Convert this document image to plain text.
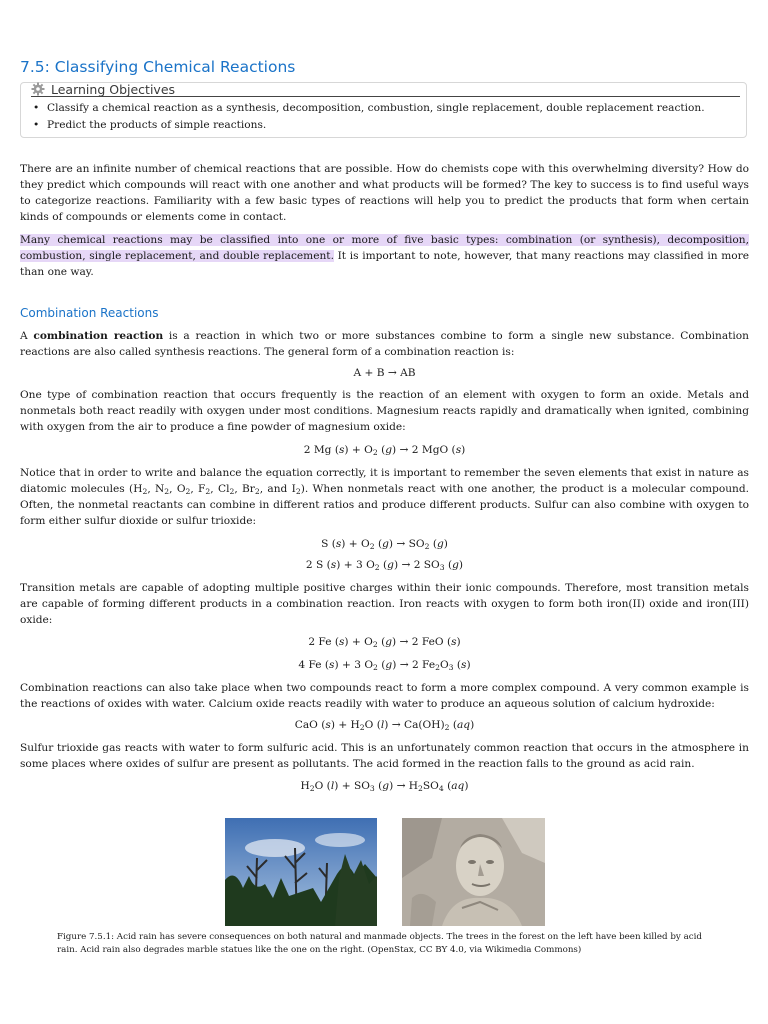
7.5: Classifying Chemical Reactions
Learning Objectives
• Classify a chemical reaction as a synthesis, decomposition, combustion, single replacement, double replacement reaction.
• Predict the products of simple reactions.

There are an infinite number of chemical reactions that are possible. How do chemists cope with this overwhelming diversity? How do they predict which compounds will react with one another and what products will be formed? The key to success is to find useful ways to categorize reactions. Familiarity with a few basic types of reactions will help you to predict the products that form when certain kinds of compounds or elements come in contact.

Many chemical reactions may be classified into one or more of five basic types: combination (or synthesis), decomposition, combustion, single replacement, and double replacement. It is important to note, however, that many reactions may classified in more than one way.

Combination Reactions

A combination reaction is a reaction in which two or more substances combine to form a single new substance. Combination reactions are also called synthesis reactions. The general form of a combination reaction is:

A + B → AB

One type of combination reaction that occurs frequently is the reaction of an element with oxygen to form an oxide. Metals and nonmetals both react readily with oxygen under most conditions. Magnesium reacts rapidly and dramatically when ignited, combining with oxygen from the air to produce a fine powder of magnesium oxide:

2 Mg $(s) + O_2$ (g) → 2 MgO (s)

Notice that in order to write and balance the equation correctly, it is important to remember the seven elements that exist in nature as diatomic molecules ($H_2$, $N_2$, $O_2$, $F_2$, $Cl_2$, $Br_2$, and $I_2$). When nonmetals react with one another, the product is a molecular compound. Often, the nonmetal reactants can combine in different ratios and produce different products. Sulfur can also combine with oxygen to form either sulfur dioxide or sulfur trioxide:

S $(s) + O_2$ $(g) \to SO_2$ (g)

2 S (s) + 3 $O_2$ (g) → 2 $SO_3$ (g)

Transition metals are capable of adopting multiple positive charges within their ionic compounds. Therefore, most transition metals are capable of forming different products in a combination reaction. Iron reacts with oxygen to form both iron(II) oxide and iron(III) oxide:

2 Fe $(s) + O_2$ (g) → 2 FeO (s)

4 Fe (s) + 3 $O_2$ (g) → 2 $Fe_2O_3$ (s)

Combination reactions can also take place when two compounds react to form a more complex compound. A very common example is the reactions of oxides with water. Calcium oxide reacts readily with water to produce an aqueous solution of calcium hydroxide:

CaO $(s) + H_2O$ $(l) \to Ca(OH)_2$ (aq)

Sulfur trioxide gas reacts with water to form sulfuric acid. This is an unfortunately common reaction that occurs in the atmosphere in some places where oxides of sulfur are present as pollutants. The acid formed in the reaction falls to the ground as acid rain.

$H_2O$ $(l) + SO_3$ $(g) \to H_2SO_4$ (aq)

Figure 7.5.1: Acid rain has severe consequences on both natural and manmade objects. The trees in the forest on the left have been killed by acid rain. Acid rain also degrades marble statues like the one on the right. (OpenStax, CC BY 4.0, via Wikimedia Commons)
